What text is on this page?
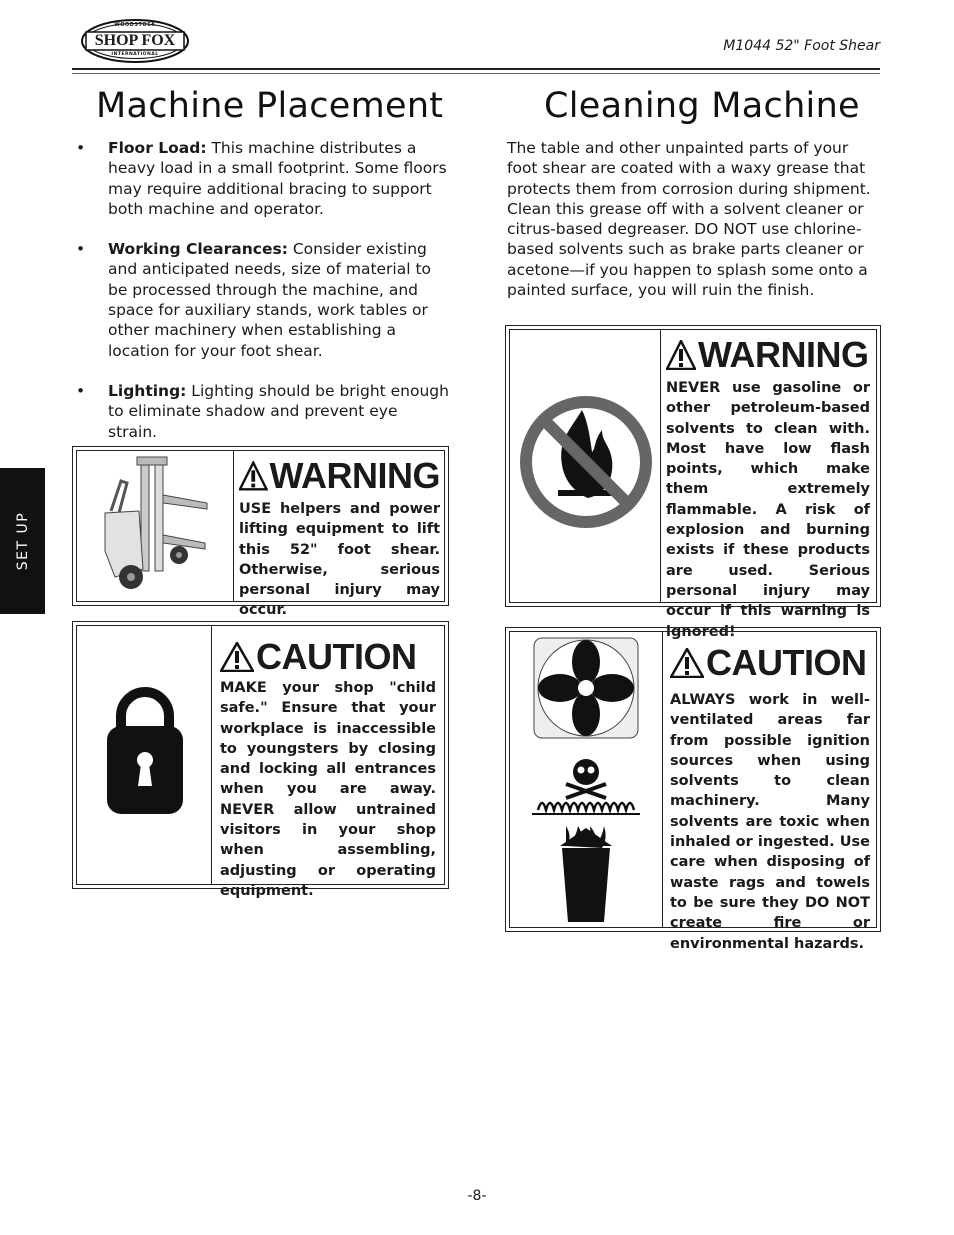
WOODSTOCK
SHOP FOX
INTERNATIONAL
M1044 52" Foot Shear
Machine Placement	Cleaning Machine
• Floor Load: This machine distributes a heavy load in a small footprint. Some floors may require additional bracing to support both machine and operator.
• Working Clearances: Consider existing and anticipated needs, size of material to be processed through the machine, and space for auxiliary stands, work tables or other machinery when establishing a location for your foot shear.
• Lighting: Lighting should be bright enough to eliminate shadow and prevent eye strain.
The table and other unpainted parts of your foot shear are coated with a waxy grease that protects them from corrosion during shipment. Clean this grease off with a solvent cleaner or citrus-based degreaser. DO NOT use chlorine-based solvents such as brake parts cleaner or acetone—if you happen to splash some onto a painted surface, you will ruin the finish.
SET UP
WARNING
USE helpers and power lifting equipment to lift this 52" foot shear. Otherwise, serious personal injury may occur.
CAUTION
MAKE your shop "child safe." Ensure that your workplace is inaccessible to youngsters by closing and locking all entrances when you are away. NEVER allow untrained visitors in your shop when assembling, adjusting or operating equipment.
WARNING
NEVER use gasoline or other petroleum-based solvents to clean with. Most have low flash points, which make them extremely flammable. A risk of explosion and burning exists if these products are used. Serious personal injury may occur if this warning is ignored!
CAUTION
ALWAYS work in well-ventilated areas far from possible ignition sources when using solvents to clean machinery. Many solvents are toxic when inhaled or ingested. Use care when disposing of waste rags and towels to be sure they DO NOT create fire or environmental hazards.
-8-
